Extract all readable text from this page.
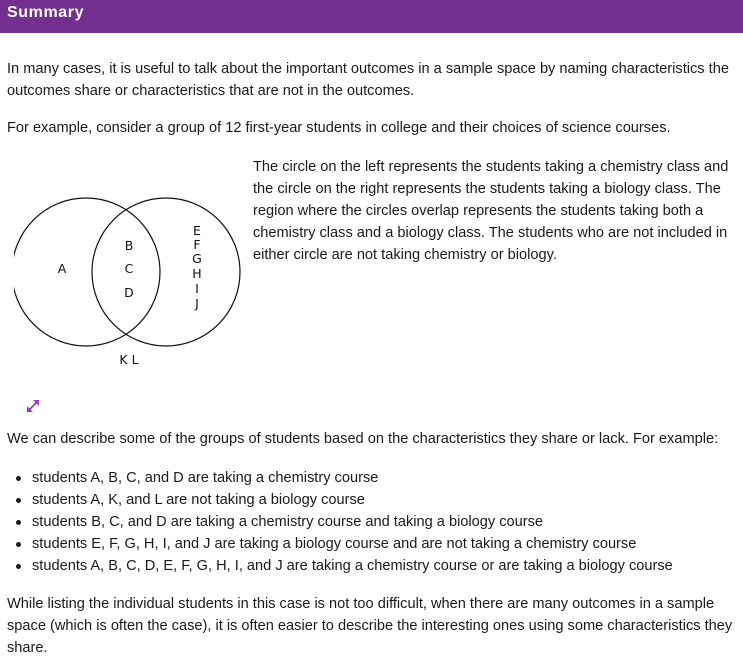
Summary

In many cases, it is useful to talk about the important outcomes in a sample space by naming characteristics the outcomes share or characteristics that are not in the outcomes.

For example, consider a group of 12 first-year students in college and their choices of science courses.

A
B
C
D
E
F
G
H
I
J
K L

The circle on the left represents the students taking a chemistry class and the circle on the right represents the students taking a biology class. The region where the circles overlap represents the students taking both a chemistry class and a biology class. The students who are not included in either circle are not taking chemistry or biology.

We can describe some of the groups of students based on the characteristics they share or lack. For example:

students A, B, C, and D are taking a chemistry course
students A, K, and L are not taking a biology course
students B, C, and D are taking a chemistry course and taking a biology course
students E, F, G, H, I, and J are taking a biology course and are not taking a chemistry course
students A, B, C, D, E, F, G, H, I, and J are taking a chemistry course or are taking a biology course

While listing the individual students in this case is not too difficult, when there are many outcomes in a sample space (which is often the case), it is often easier to describe the interesting ones using some characteristics they share.
